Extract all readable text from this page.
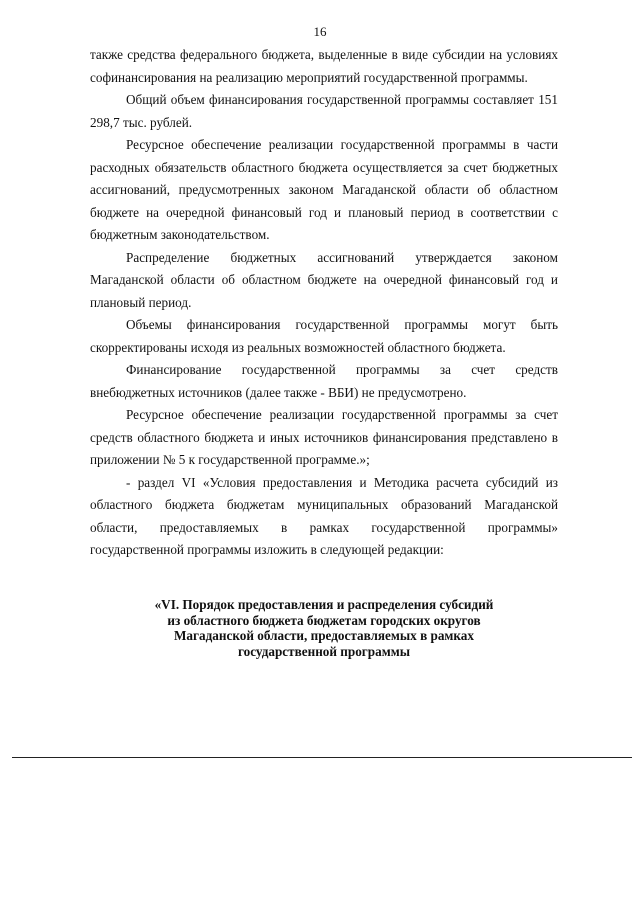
16

также средства федерального бюджета, выделенные в виде субсидии на условиях софинансирования на реализацию мероприятий государственной программы.

Общий объем финансирования государственной программы составляет 151 298,7 тыс. рублей.

Ресурсное обеспечение реализации государственной программы в части расходных обязательств областного бюджета осуществляется за счет бюджетных ассигнований, предусмотренных законом Магаданской области об областном бюджете на очередной финансовый год и плановый период в соответствии с бюджетным законодательством.

Распределение бюджетных ассигнований утверждается законом Магаданской области об областном бюджете на очередной финансовый год и плановый период.

Объемы финансирования государственной программы могут быть скорректированы исходя из реальных возможностей областного бюджета.

Финансирование государственной программы за счет средств внебюджетных источников (далее также - ВБИ) не предусмотрено.

Ресурсное обеспечение реализации государственной программы за счет средств областного бюджета и иных источников финансирования представлено в приложении № 5 к государственной программе.»;

- раздел VI «Условия предоставления и Методика расчета субсидий из областного бюджета бюджетам муниципальных образований Магаданской области, предоставляемых в рамках государственной программы» государственной программы изложить в следующей редакции:

«VI. Порядок предоставления и распределения субсидий
из областного бюджета бюджетам городских округов
Магаданской области, предоставляемых в рамках
государственной программы
